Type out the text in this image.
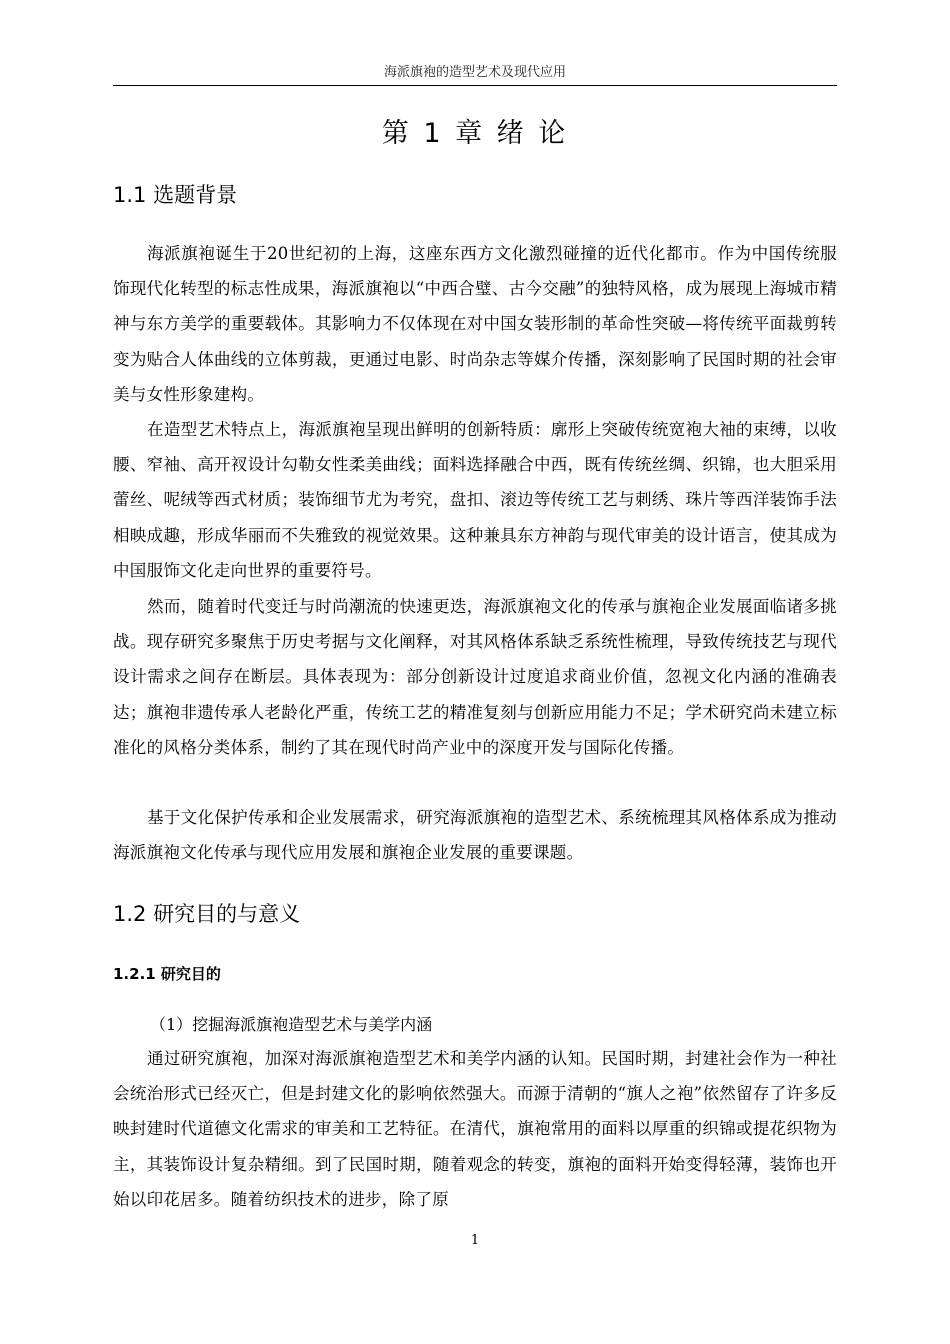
海派旗袍的造型艺术及现代应用
第 1 章 绪 论
1.1 选题背景

海派旗袍诞生于20世纪初的上海，这座东西方文化激烈碰撞的近代化都市。作为中国传统服饰现代化转型的标志性成果，海派旗袍以“中西合璧、古今交融”的独特风格，成为展现上海城市精神与东方美学的重要载体。其影响力不仅体现在对中国女装形制的革命性突破—将传统平面裁剪转变为贴合人体曲线的立体剪裁，更通过电影、时尚杂志等媒介传播，深刻影响了民国时期的社会审美与女性形象建构。

在造型艺术特点上，海派旗袍呈现出鲜明的创新特质：廓形上突破传统宽袍大袖的束缚，以收腰、窄袖、高开衩设计勾勒女性柔美曲线；面料选择融合中西，既有传统丝绸、织锦，也大胆采用蕾丝、呢绒等西式材质；装饰细节尤为考究，盘扣、滚边等传统工艺与刺绣、珠片等西洋装饰手法相映成趣，形成华丽而不失雅致的视觉效果。这种兼具东方神韵与现代审美的设计语言，使其成为中国服饰文化走向世界的重要符号。

然而，随着时代变迁与时尚潮流的快速更迭，海派旗袍文化的传承与旗袍企业发展面临诸多挑战。现存研究多聚焦于历史考据与文化阐释，对其风格体系缺乏系统性梳理，导致传统技艺与现代设计需求之间存在断层。具体表现为：部分创新设计过度追求商业价值，忽视文化内涵的准确表达；旗袍非遗传承人老龄化严重，传统工艺的精准复刻与创新应用能力不足；学术研究尚未建立标准化的风格分类体系，制约了其在现代时尚产业中的深度开发与国际化传播。

基于文化保护传承和企业发展需求，研究海派旗袍的造型艺术、系统梳理其风格体系成为推动海派旗袍文化传承与现代应用发展和旗袍企业发展的重要课题。

1.2 研究目的与意义
1.2.1 研究目的
（1）挖掘海派旗袍造型艺术与美学内涵

通过研究旗袍，加深对海派旗袍造型艺术和美学内涵的认知。民国时期，封建社会作为一种社会统治形式已经灭亡，但是封建文化的影响依然强大。而源于清朝的“旗人之袍”依然留存了许多反映封建时代道德文化需求的审美和工艺特征。在清代，旗袍常用的面料以厚重的织锦或提花织物为主，其装饰设计复杂精细。到了民国时期，随着观念的转变，旗袍的面料开始变得轻薄，装饰也开始以印花居多。随着纺织技术的进步，除了原

1
